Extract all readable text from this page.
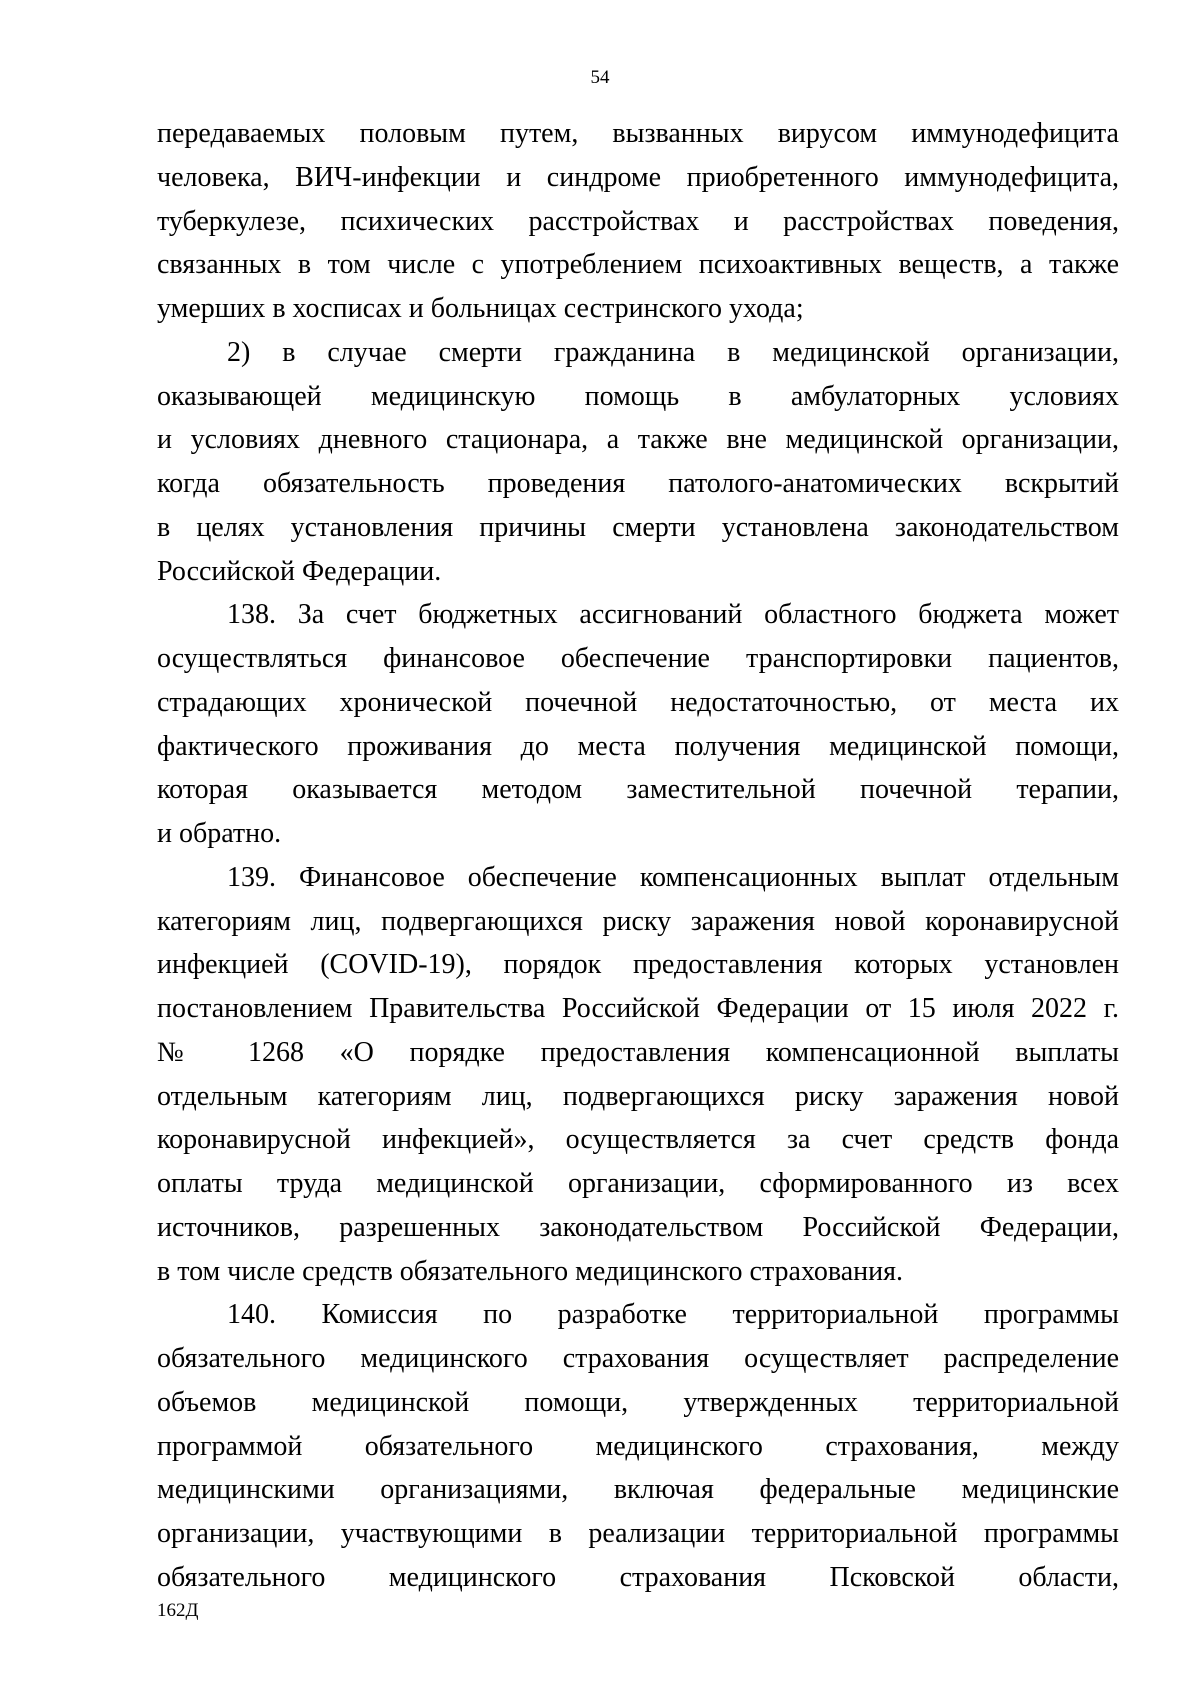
54
передаваемых половым путем, вызванных вирусом иммунодефицита
человека, ВИЧ-инфекции и синдроме приобретенного иммунодефицита,
туберкулезе, психических расстройствах и расстройствах поведения,
связанных в том числе с употреблением психоактивных веществ, а также
умерших в хосписах и больницах сестринского ухода;
2) в случае смерти гражданина в медицинской организации,
оказывающей медицинскую помощь в амбулаторных условиях
и условиях дневного стационара, а также вне медицинской организации,
когда обязательность проведения патолого-анатомических вскрытий
в целях установления причины смерти установлена законодательством
Российской Федерации.
138. За счет бюджетных ассигнований областного бюджета может
осуществляться финансовое обеспечение транспортировки пациентов,
страдающих хронической почечной недостаточностью, от места их
фактического проживания до места получения медицинской помощи,
которая оказывается методом заместительной почечной терапии,
и обратно.
139. Финансовое обеспечение компенсационных выплат отдельным
категориям лиц, подвергающихся риску заражения новой коронавирусной
инфекцией (COVID-19), порядок предоставления которых установлен
постановлением Правительства Российской Федерации от 15 июля 2022 г.
№ 1268 «О порядке предоставления компенсационной выплаты
отдельным категориям лиц, подвергающихся риску заражения новой
коронавирусной инфекцией», осуществляется за счет средств фонда
оплаты труда медицинской организации, сформированного из всех
источников, разрешенных законодательством Российской Федерации,
в том числе средств обязательного медицинского страхования.
140. Комиссия по разработке территориальной программы
обязательного медицинского страхования осуществляет распределение
объемов медицинской помощи, утвержденных территориальной
программой обязательного медицинского страхования, между
медицинскими организациями, включая федеральные медицинские
организации, участвующими в реализации территориальной программы
обязательного медицинского страхования Псковской области,
162Д
